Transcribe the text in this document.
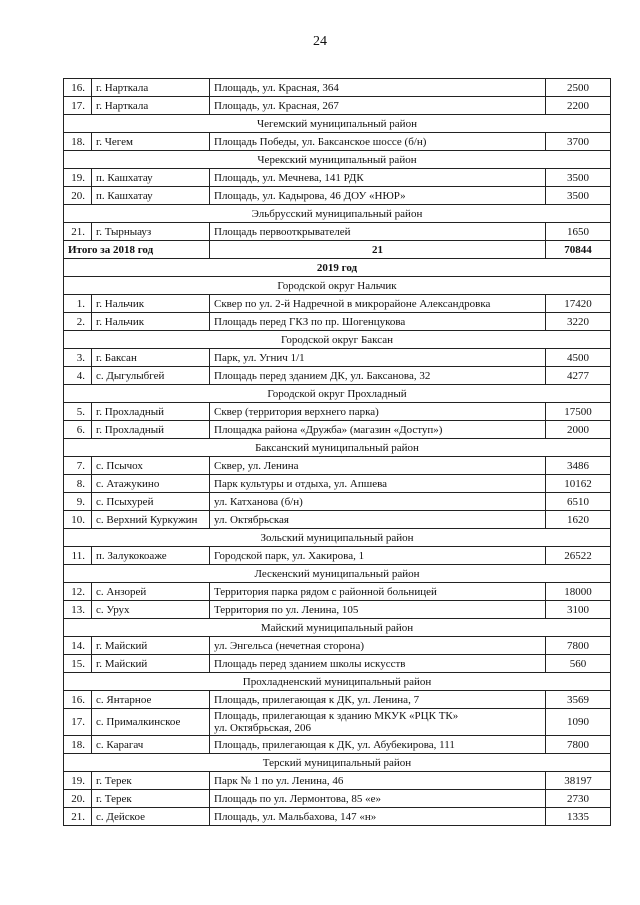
24
16.	г. Нарткала	Площадь, ул. Красная, 364	2500
17.	г. Нарткала	Площадь, ул. Красная, 267	2200
Чегемский муниципальный район			
18.	г. Чегем	Площадь Победы, ул. Баксанское шоссе (б/н)	3700
Черекский муниципальный район			
19.	п. Кашхатау	Площадь, ул. Мечнева, 141 РДК	3500
20.	п. Кашхатау	Площадь, ул. Кадырова, 46 ДОУ «НЮР»	3500
Эльбрусский муниципальный район			
21.	г. Тырныауз	Площадь первооткрывателей	1650
Итого за 2018 год		21	70844
2019 год			
Городской округ Нальчик			
1.	г. Нальчик	Сквер по ул. 2-й Надречной в микрорайоне Александровка	17420
2.	г. Нальчик	Площадь перед ГКЗ по пр. Шогенцукова	3220
Городской округ Баксан			
3.	г. Баксан	Парк, ул. Угнич 1/1	4500
4.	с. Дыгулыбгей	Площадь перед зданием ДК, ул. Баксанова, 32	4277
Городской округ Прохладный			
5.	г. Прохладный	Сквер (территория верхнего парка)	17500
6.	г. Прохладный	Площадка района «Дружба» (магазин «Доступ»)	2000
Баксанский муниципальный район			
7.	с. Псычох	Сквер, ул. Ленина	3486
8.	с. Атажукино	Парк культуры и отдыха, ул. Апшева	10162
9.	с. Псыхурей	ул. Катханова (б/н)	6510
10.	с. Верхний Куркужин	ул. Октябрьская	1620
Зольский муниципальный район			
11.	п. Залукокоаже	Городской парк, ул. Хакирова, 1	26522
Лескенский муниципальный район			
12.	с. Анзорей	Территория парка рядом с районной больницей	18000
13.	с. Урух	Территория по ул. Ленина, 105	3100
Майский муниципальный район			
14.	г. Майский	ул. Энгельса (нечетная сторона)	7800
15.	г. Майский	Площадь перед зданием школы искусств	560
Прохладненский муниципальный район			
16.	с. Янтарное	Площадь, прилегающая к ДК, ул. Ленина, 7	3569
17.	с. Прималкинское	Площадь, прилегающая к зданию МКУК «РЦК ТК»
ул. Октябрьская, 206	1090
18.	с. Карагач	Площадь, прилегающая к ДК, ул. Абубекирова, 111	7800
Терский муниципальный район			
19.	г. Терек	Парк № 1 по ул. Ленина, 46	38197
20.	г. Терек	Площадь по ул. Лермонтова, 85 «е»	2730
21.	с. Дейское	Площадь, ул. Мальбахова, 147 «н»	1335
